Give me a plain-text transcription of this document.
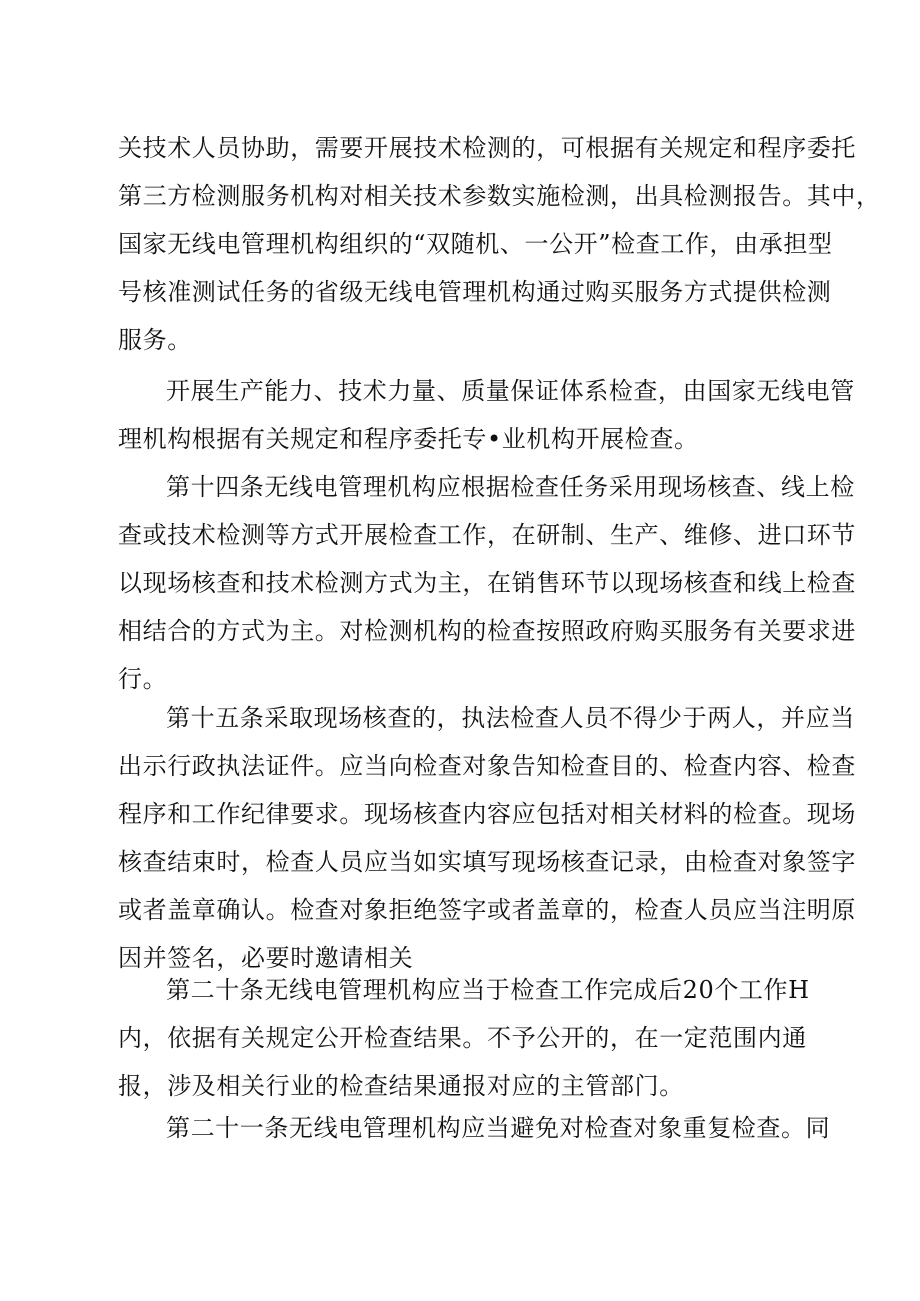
关技术人员协助，需要开展技术检测的，可根据有关规定和程序委托
第三方检测服务机构对相关技术参数实施检测，出具检测报告。其中，
国家无线电管理机构组织的“双随机、一公开”检查工作，由承担型
号核准测试任务的省级无线电管理机构通过购买服务方式提供检测
服务。
开展生产能力、技术力量、质量保证体系检查，由国家无线电管
理机构根据有关规定和程序委托专•业机构开展检查。
第十四条无线电管理机构应根据检查任务采用现场核查、线上检
查或技术检测等方式开展检查工作，在研制、生产、维修、进口环节
以现场核查和技术检测方式为主，在销售环节以现场核查和线上检查
相结合的方式为主。对检测机构的检查按照政府购买服务有关要求进
行。
第十五条采取现场核查的，执法检查人员不得少于两人，并应当
出示行政执法证件。应当向检查对象告知检查目的、检查内容、检查
程序和工作纪律要求。现场核查内容应包括对相关材料的检查。现场
核查结束时，检查人员应当如实填写现场核查记录，由检查对象签字
或者盖章确认。检查对象拒绝签字或者盖章的，检查人员应当注明原
因并签名，必要时邀请相关
第二十条无线电管理机构应当于检查工作完成后20个工作H
内，依据有关规定公开检查结果。不予公开的，在一定范围内通
报，涉及相关行业的检查结果通报对应的主管部门。
第二十一条无线电管理机构应当避免对检查对象重复检查。同
